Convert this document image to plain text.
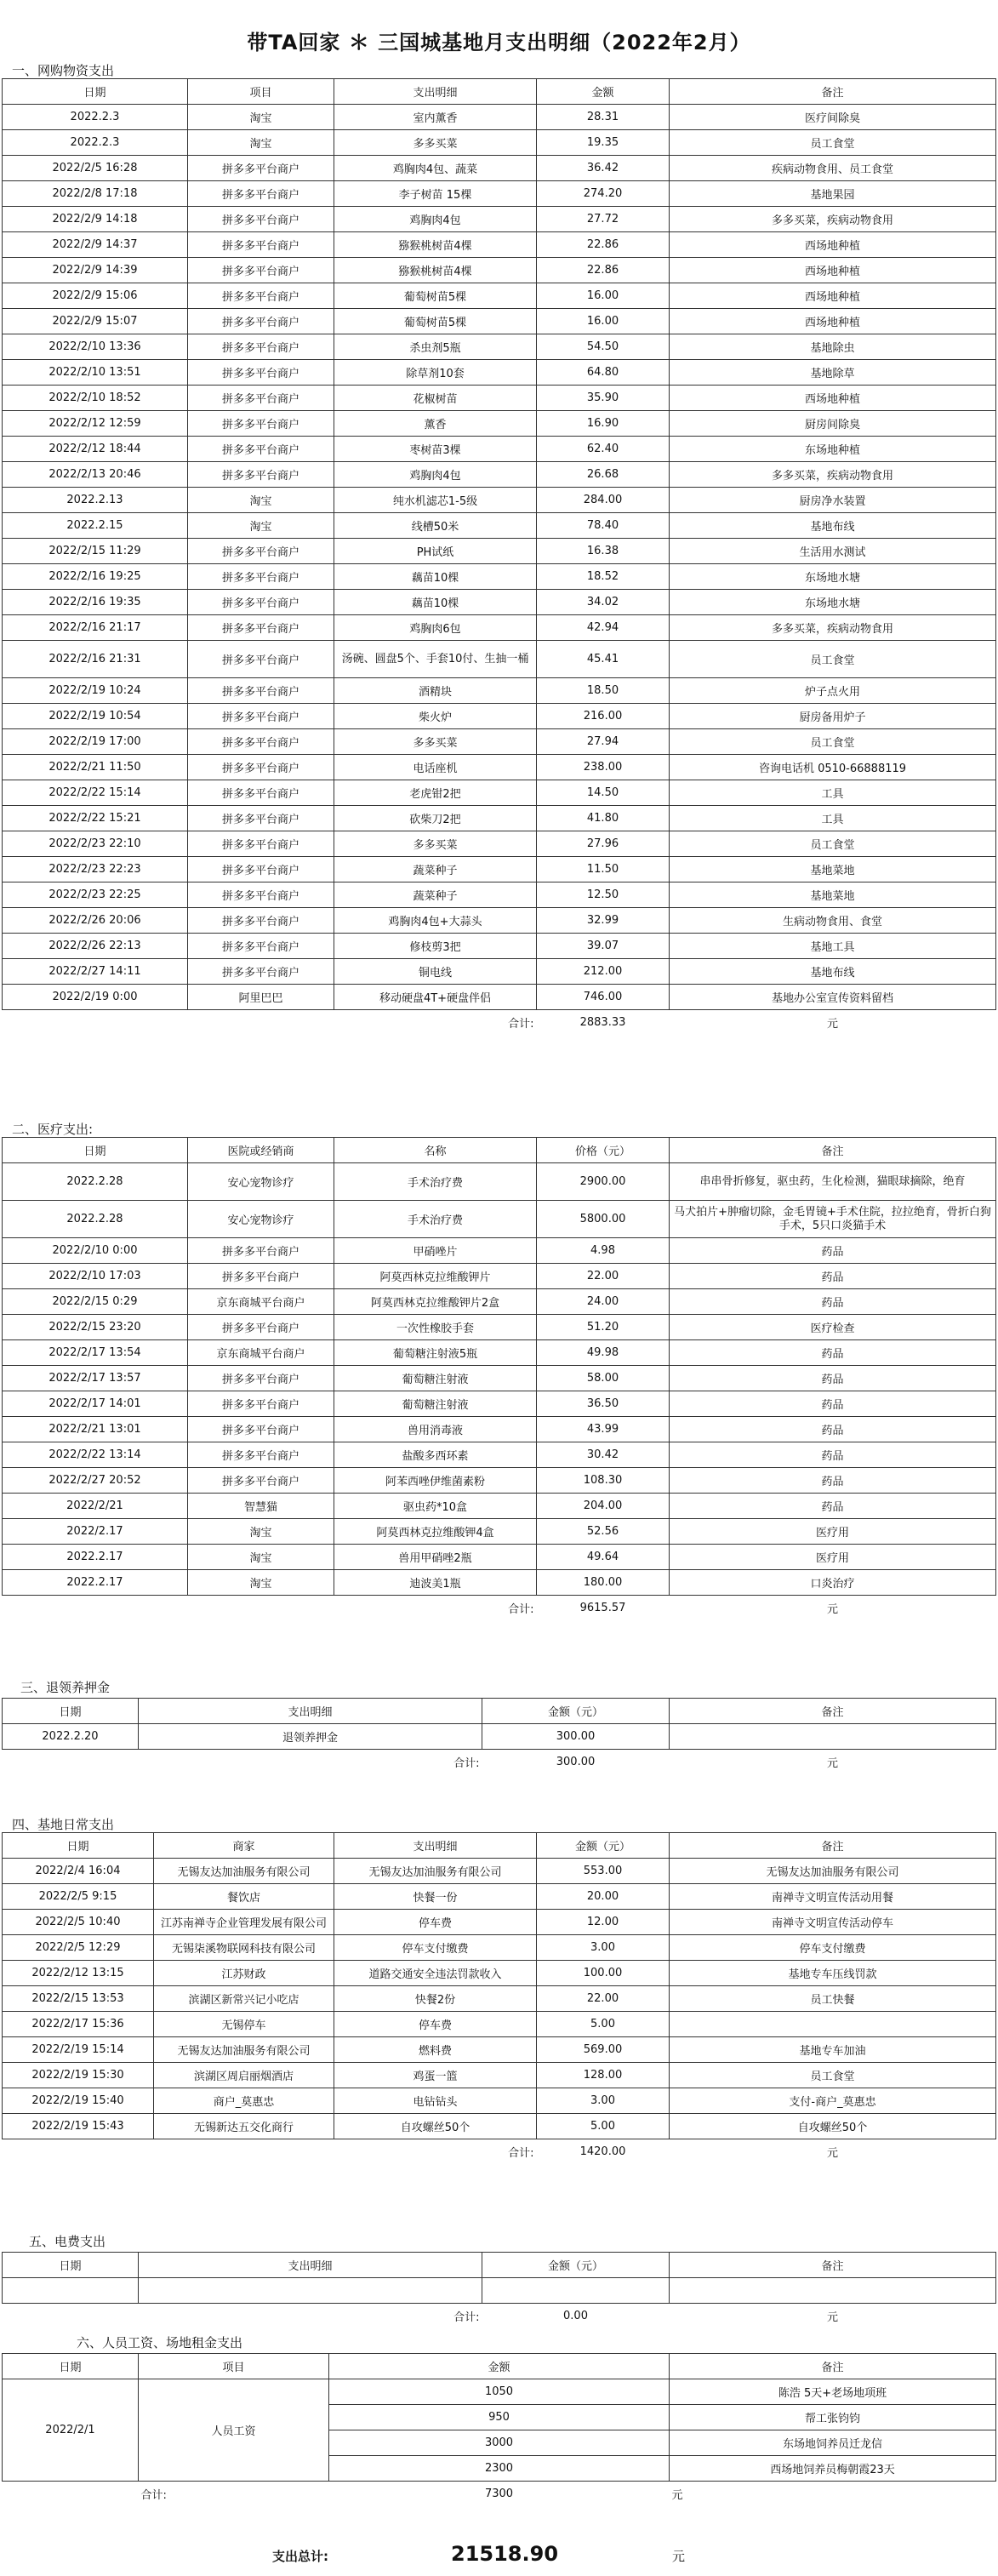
带TA回家 ＊ 三国城基地月支出明细（2022年2月）
一、网购物资支出
日期	项目	支出明细	金额	备注
2022.2.3	淘宝	室内薰香	28.31	医疗间除臭
2022.2.3	淘宝	多多买菜	19.35	员工食堂
2022/2/5 16:28	拼多多平台商户	鸡胸肉4包、蔬菜	36.42	疾病动物食用、员工食堂
2022/2/8 17:18	拼多多平台商户	李子树苗 15棵	274.20	基地果园
2022/2/9 14:18	拼多多平台商户	鸡胸肉4包	27.72	多多买菜，疾病动物食用
2022/2/9 14:37	拼多多平台商户	猕猴桃树苗4棵	22.86	西场地种植
2022/2/9 14:39	拼多多平台商户	猕猴桃树苗4棵	22.86	西场地种植
2022/2/9 15:06	拼多多平台商户	葡萄树苗5棵	16.00	西场地种植
2022/2/9 15:07	拼多多平台商户	葡萄树苗5棵	16.00	西场地种植
2022/2/10 13:36	拼多多平台商户	杀虫剂5瓶	54.50	基地除虫
2022/2/10 13:51	拼多多平台商户	除草剂10套	64.80	基地除草
2022/2/10 18:52	拼多多平台商户	花椒树苗	35.90	西场地种植
2022/2/12 12:59	拼多多平台商户	薰香	16.90	厨房间除臭
2022/2/12 18:44	拼多多平台商户	枣树苗3棵	62.40	东场地种植
2022/2/13 20:46	拼多多平台商户	鸡胸肉4包	26.68	多多买菜，疾病动物食用
2022.2.13	淘宝	纯水机滤芯1-5级	284.00	厨房净水装置
2022.2.15	淘宝	线槽50米	78.40	基地布线
2022/2/15 11:29	拼多多平台商户	PH试纸	16.38	生活用水测试
2022/2/16 19:25	拼多多平台商户	藕苗10棵	18.52	东场地水塘
2022/2/16 19:35	拼多多平台商户	藕苗10棵	34.02	东场地水塘
2022/2/16 21:17	拼多多平台商户	鸡胸肉6包	42.94	多多买菜，疾病动物食用
2022/2/16 21:31	拼多多平台商户	汤碗、圆盘5个、手套10付、生抽一桶	45.41	员工食堂
2022/2/19 10:24	拼多多平台商户	酒精块	18.50	炉子点火用
2022/2/19 10:54	拼多多平台商户	柴火炉	216.00	厨房备用炉子
2022/2/19 17:00	拼多多平台商户	多多买菜	27.94	员工食堂
2022/2/21 11:50	拼多多平台商户	电话座机	238.00	咨询电话机 0510-66888119
2022/2/22 15:14	拼多多平台商户	老虎钳2把	14.50	工具
2022/2/22 15:21	拼多多平台商户	砍柴刀2把	41.80	工具
2022/2/23 22:10	拼多多平台商户	多多买菜	27.96	员工食堂
2022/2/23 22:23	拼多多平台商户	蔬菜种子	11.50	基地菜地
2022/2/23 22:25	拼多多平台商户	蔬菜种子	12.50	基地菜地
2022/2/26 20:06	拼多多平台商户	鸡胸肉4包+大蒜头	32.99	生病动物食用、食堂
2022/2/26 22:13	拼多多平台商户	修枝剪3把	39.07	基地工具
2022/2/27 14:11	拼多多平台商户	铜电线	212.00	基地布线
2022/2/19 0:00	阿里巴巴	移动硬盘4T+硬盘伴侣	746.00	基地办公室宣传资料留档
		合计:	2883.33	元
二、医疗支出:
日期	医院或经销商	名称	价格（元）	备注
2022.2.28	安心宠物诊疗	手术治疗费	2900.00	串串骨折修复，驱虫药，生化检测，猫眼球摘除，绝育
2022.2.28	安心宠物诊疗	手术治疗费	5800.00	马犬拍片+肿瘤切除，金毛胃镜+手术住院，拉拉绝育，骨折白狗手术，5只口炎猫手术
2022/2/10 0:00	拼多多平台商户	甲硝唑片	4.98	药品
2022/2/10 17:03	拼多多平台商户	阿莫西林克拉维酸钾片	22.00	药品
2022/2/15 0:29	京东商城平台商户	阿莫西林克拉维酸钾片2盒	24.00	药品
2022/2/15 23:20	拼多多平台商户	一次性橡胶手套	51.20	医疗检查
2022/2/17 13:54	京东商城平台商户	葡萄糖注射液5瓶	49.98	药品
2022/2/17 13:57	拼多多平台商户	葡萄糖注射液	58.00	药品
2022/2/17 14:01	拼多多平台商户	葡萄糖注射液	36.50	药品
2022/2/21 13:01	拼多多平台商户	兽用消毒液	43.99	药品
2022/2/22 13:14	拼多多平台商户	盐酸多西环素	30.42	药品
2022/2/27 20:52	拼多多平台商户	阿苯西唑伊维菌素粉	108.30	药品
2022/2/21	智慧猫	驱虫药*10盒	204.00	药品
2022/2.17	淘宝	阿莫西林克拉维酸钾4盒	52.56	医疗用
2022.2.17	淘宝	兽用甲硝唑2瓶	49.64	医疗用
2022.2.17	淘宝	迪波美1瓶	180.00	口炎治疗
		合计:	9615.57	元
三、退领养押金
日期	支出明细	金额（元）	备注
2022.2.20	退领养押金	300.00	
	合计:	300.00	元
四、基地日常支出
日期	商家	支出明细	金额（元）	备注
2022/2/4 16:04	无锡友达加油服务有限公司	无锡友达加油服务有限公司	553.00	无锡友达加油服务有限公司
2022/2/5 9:15	餐饮店	快餐一份	20.00	南禅寺文明宣传活动用餐
2022/2/5 10:40	江苏南禅寺企业管理发展有限公司	停车费	12.00	南禅寺文明宣传活动停车
2022/2/5 12:29	无锡柒溪物联网科技有限公司	停车支付缴费	3.00	停车支付缴费
2022/2/12 13:15	江苏财政	道路交通安全违法罚款收入	100.00	基地专车压线罚款
2022/2/15 13:53	滨湖区新常兴记小吃店	快餐2份	22.00	员工快餐
2022/2/17 15:36	无锡停车	停车费	5.00	
2022/2/19 15:14	无锡友达加油服务有限公司	燃料费	569.00	基地专车加油
2022/2/19 15:30	滨湖区周启丽烟酒店	鸡蛋一篮	128.00	员工食堂
2022/2/19 15:40	商户_莫惠忠	电钻钻头	3.00	支付-商户_莫惠忠
2022/2/19 15:43	无锡新达五交化商行	自攻螺丝50个	5.00	自攻螺丝50个
		合计:	1420.00	元
五、电费支出
日期	支出明细	金额（元）	备注

	合计:	0.00	元
六、人员工资、场地租金支出
日期	项目	金额	备注
2022/2/1	人员工资	1050	陈浩 5天+老场地项班
		950	帮工张钧钧
		3000	东场地饲养员迁龙信
		2300	西场地饲养员梅朝霞23天
	合计:	7300	元
支出总计:	21518.90	元
